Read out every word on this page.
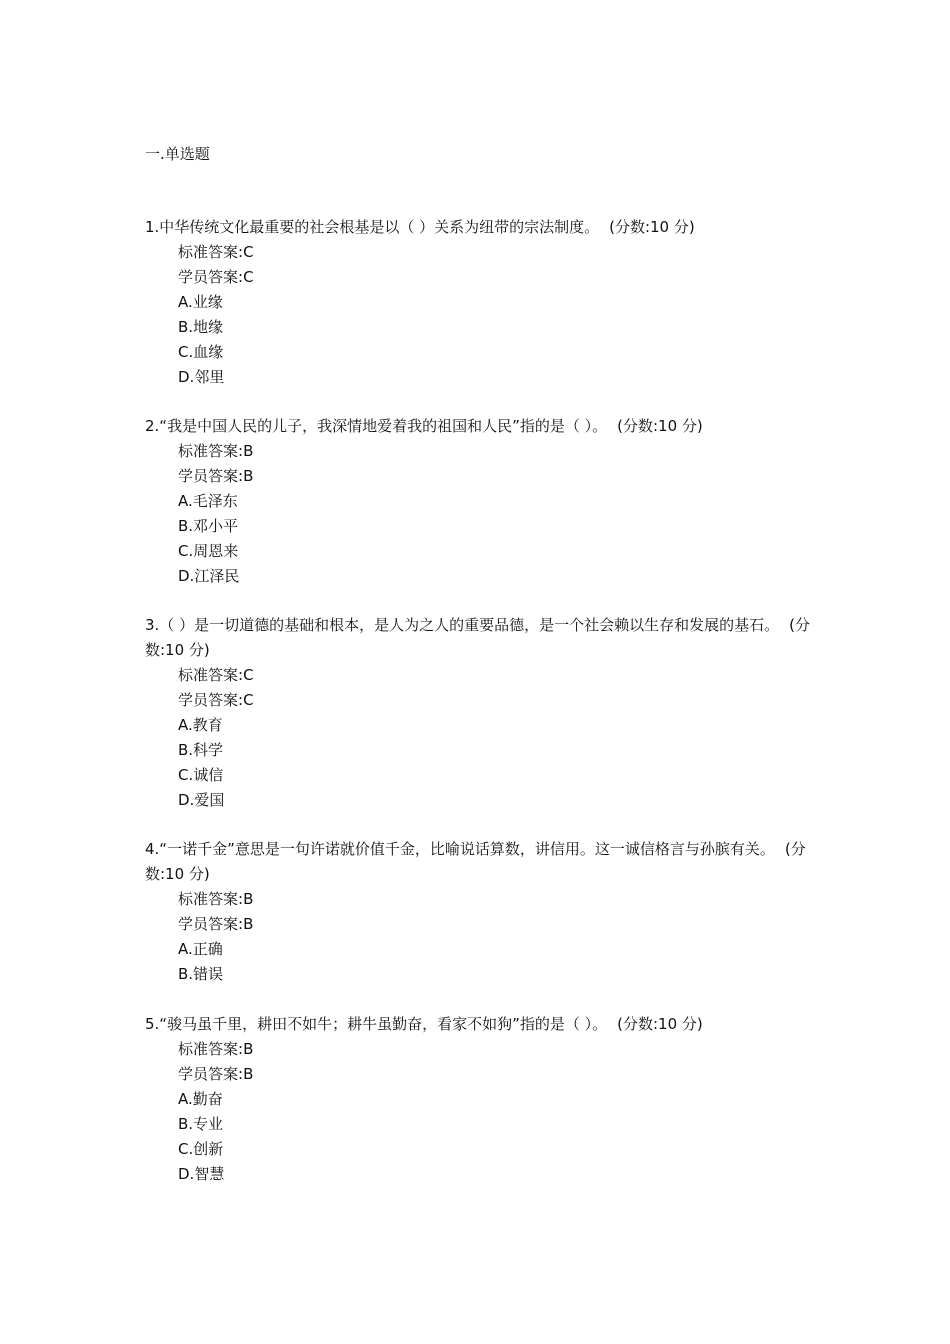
一.单选题

1.中华传统文化最重要的社会根基是以（ ）关系为纽带的宗法制度。 (分数:10 分)

标准答案:C
学员答案:C
A.业缘
B.地缘
C.血缘
D.邻里

2.“我是中国人民的儿子，我深情地爱着我的祖国和人民”指的是（ ）。 (分数:10 分)

标准答案:B
学员答案:B
A.毛泽东
B.邓小平
C.周恩来
D.江泽民

3.（ ）是一切道德的基础和根本，是人为之人的重要品德，是一个社会赖以生存和发展的基石。 (分数:10 分)

标准答案:C
学员答案:C
A.教育
B.科学
C.诚信
D.爱国

4.“一诺千金”意思是一句许诺就价值千金，比喻说话算数，讲信用。这一诚信格言与孙膑有关。 (分数:10 分)

标准答案:B
学员答案:B
A.正确
B.错误

5.“骏马虽千里，耕田不如牛；耕牛虽勤奋，看家不如狗”指的是（ ）。 (分数:10 分)

标准答案:B
学员答案:B
A.勤奋
B.专业
C.创新
D.智慧
